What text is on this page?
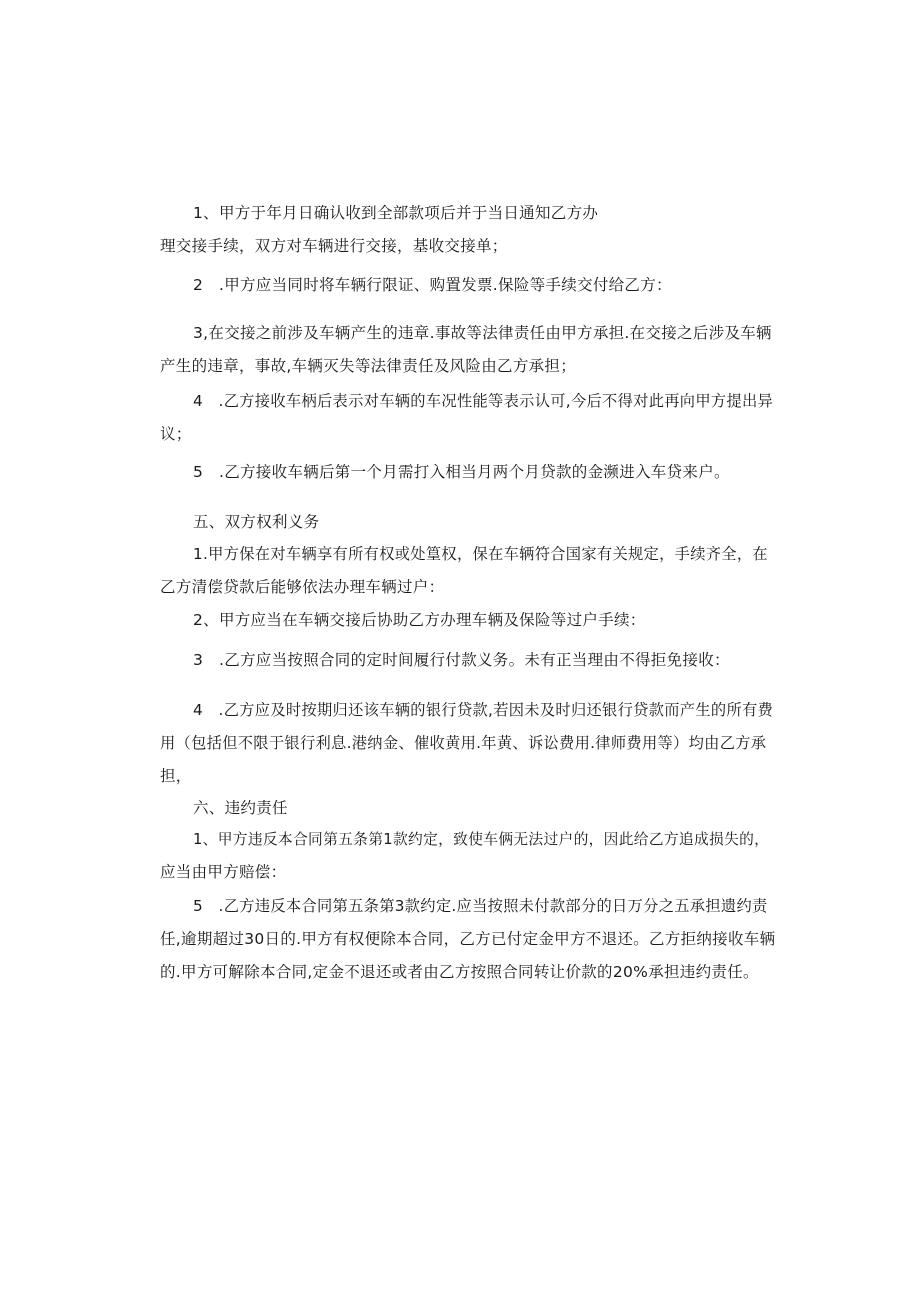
1、甲方于年月日确认收到全部款项后并于当日通知乙方办
理交接手续，双方对车辆进行交接，基收交接单；
2　.甲方应当同时将车辆行限证、购置发票.保险等手续交付给乙方：
3,在交接之前涉及车辆产生的违章.事故等法律责任由甲方承担.在交接之后涉及车辆
产生的违章，事故,车辆灭失等法律责任及风险由乙方承担；
4　.乙方接收车柄后表示对车辆的车况性能等表示认可,今后不得对此再向甲方提出异
议；
5　.乙方接收车辆后第一个月需打入相当月两个月贷款的金濒进入车贷来户。
五、双方权利义务
1.甲方保在对车辆享有所有权或处篁权，保在车辆符合国家有关规定，手续齐全，在
乙方清偿贷款后能够依法办理车辆过户：
2、甲方应当在车辆交接后协助乙方办理车辆及保险等过户手续：
3　.乙方应当按照合同的定时间履行付款义务。未有正当理由不得拒免接收：
4　.乙方应及时按期归还该车辆的银行贷款,若因未及时归还银行贷款而产生的所有费
用（包括但不限于银行利息.港纳金、催收黄用.年黄、诉讼费用.律师费用等）均由乙方承
担，
六、违约责任
1、甲方违反本合同第五条第1款约定，致使车俩无法过户的，因此给乙方追成损失的，
应当由甲方赔偿：
5　.乙方违反本合同第五条第3款约定.应当按照未付款部分的日万分之五承担遗约责
任,逾期超过30日的.甲方有权便除本合同，乙方已付定金甲方不退还。乙方拒纳接收车辆
的.甲方可解除本合同,定金不退还或者由乙方按照合同转让价款的20%承担违约责任。
